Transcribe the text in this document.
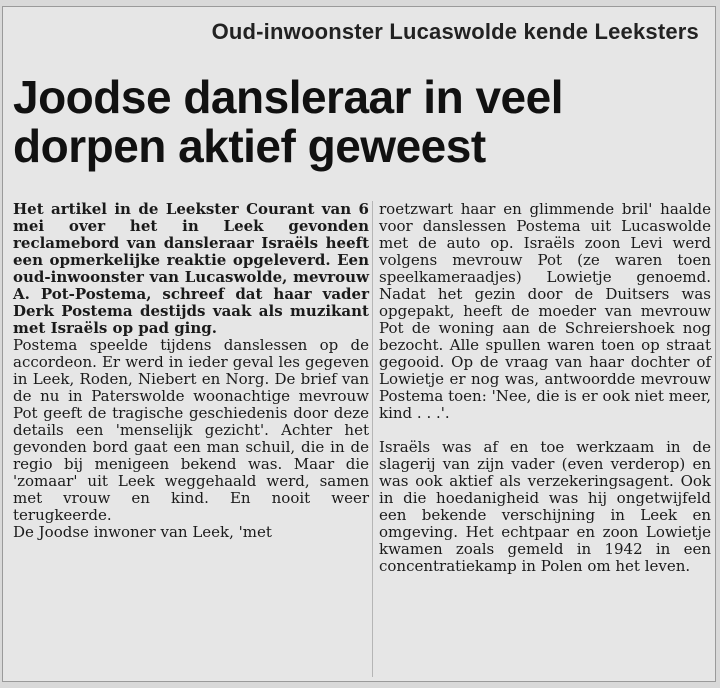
Oud-inwoonster Lucaswolde kende Leeksters
Joodse dansleraar in veel dorpen aktief geweest

Het artikel in de Leekster Courant van 6 mei over het in Leek gevonden reclamebord van dansleraar Israëls heeft een opmerkelijke reaktie opgeleverd. Een oud-inwoonster van Lucaswolde, mevrouw A. Pot-Postema, schreef dat haar vader Derk Postema destijds vaak als muzikant met Israëls op pad ging.

Postema speelde tijdens danslessen op de accordeon. Er werd in ieder geval les gegeven in Leek, Roden, Niebert en Norg. De brief van de nu in Paterswolde woonachtige mevrouw Pot geeft de tragische geschiedenis door deze details een 'menselijk gezicht'. Achter het gevonden bord gaat een man schuil, die in de regio bij menigeen bekend was. Maar die 'zomaar' uit Leek weggehaald werd, samen met vrouw en kind. En nooit weer terugkeerde.

De Joodse inwoner van Leek, 'met

roetzwart haar en glimmende bril' haalde voor danslessen Postema uit Lucaswolde met de auto op. Israëls zoon Levi werd volgens mevrouw Pot (ze waren toen speelkameraadjes) Lowietje genoemd. Nadat het gezin door de Duitsers was opgepakt, heeft de moeder van mevrouw Pot de woning aan de Schreiershoek nog bezocht. Alle spullen waren toen op straat gegooid. Op de vraag van haar dochter of Lowietje er nog was, antwoordde mevrouw Postema toen: 'Nee, die is er ook niet meer, kind . . .'.

Israëls was af en toe werkzaam in de slagerij van zijn vader (even verderop) en was ook aktief als verzekeringsagent. Ook in die hoedanigheid was hij ongetwijfeld een bekende verschijning in Leek en omgeving. Het echtpaar en zoon Lowietje kwamen zoals gemeld in 1942 in een concentratiekamp in Polen om het leven.
